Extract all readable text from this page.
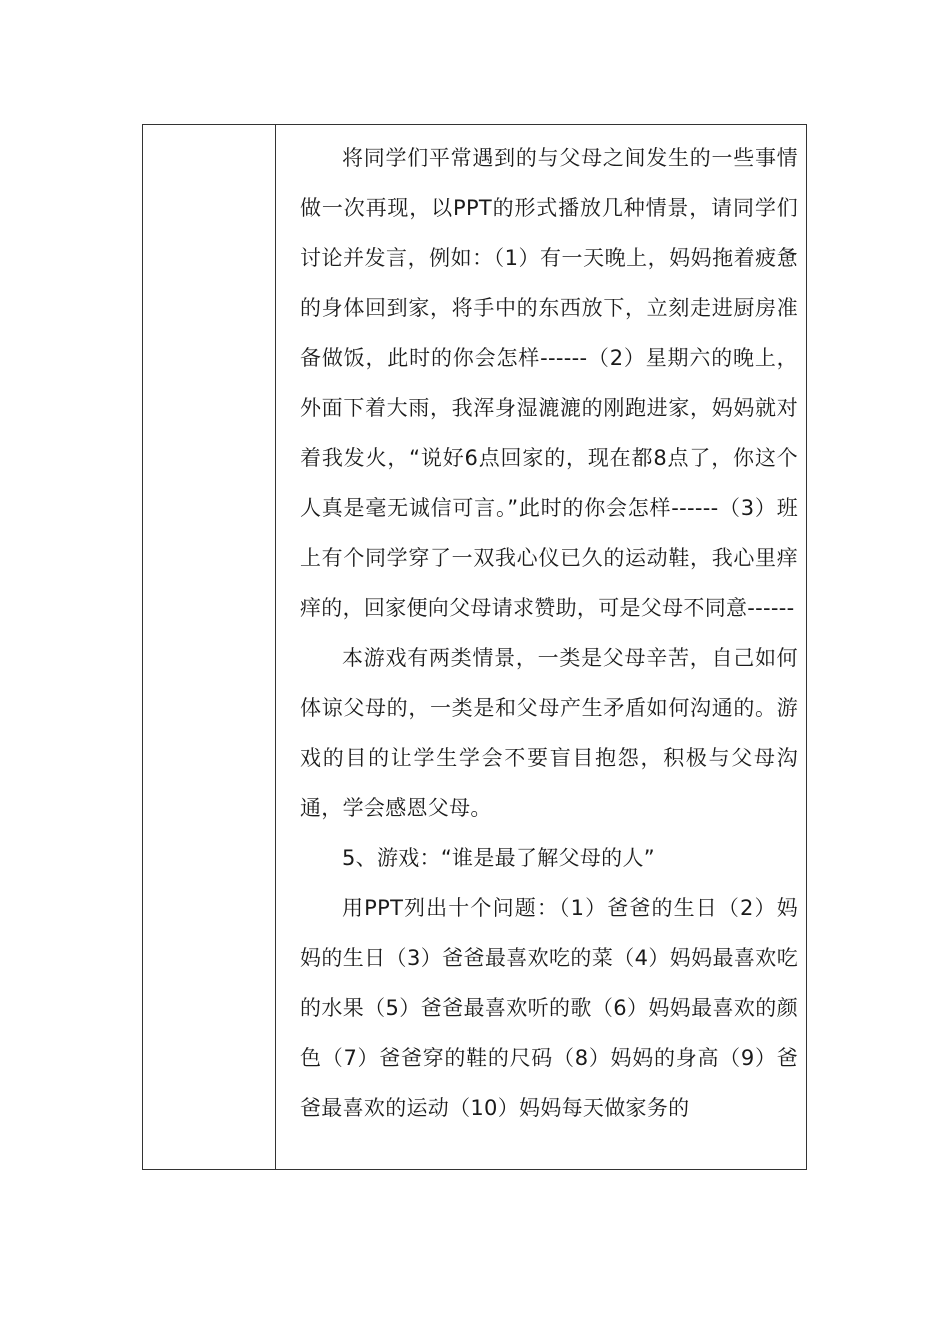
将同学们平常遇到的与父母之间发生的一些事情做一次再现，以PPT的形式播放几种情景，请同学们讨论并发言，例如：（1）有一天晚上，妈妈拖着疲惫的身体回到家，将手中的东西放下，立刻走进厨房准备做饭，此时的你会怎样------（2）星期六的晚上，外面下着大雨，我浑身湿漉漉的刚跑进家，妈妈就对着我发火，“说好6点回家的，现在都8点了，你这个人真是毫无诚信可言。”此时的你会怎样------（3）班上有个同学穿了一双我心仪已久的运动鞋，我心里痒痒的，回家便向父母请求赞助，可是父母不同意------

本游戏有两类情景，一类是父母辛苦，自己如何体谅父母的，一类是和父母产生矛盾如何沟通的。游戏的目的让学生学会不要盲目抱怨，积极与父母沟通，学会感恩父母。

5、游戏：“谁是最了解父母的人”

用PPT列出十个问题：（1）爸爸的生日（2）妈妈的生日（3）爸爸最喜欢吃的菜（4）妈妈最喜欢吃的水果（5）爸爸最喜欢听的歌（6）妈妈最喜欢的颜色（7）爸爸穿的鞋的尺码（8）妈妈的身高（9）爸爸最喜欢的运动（10）妈妈每天做家务的
